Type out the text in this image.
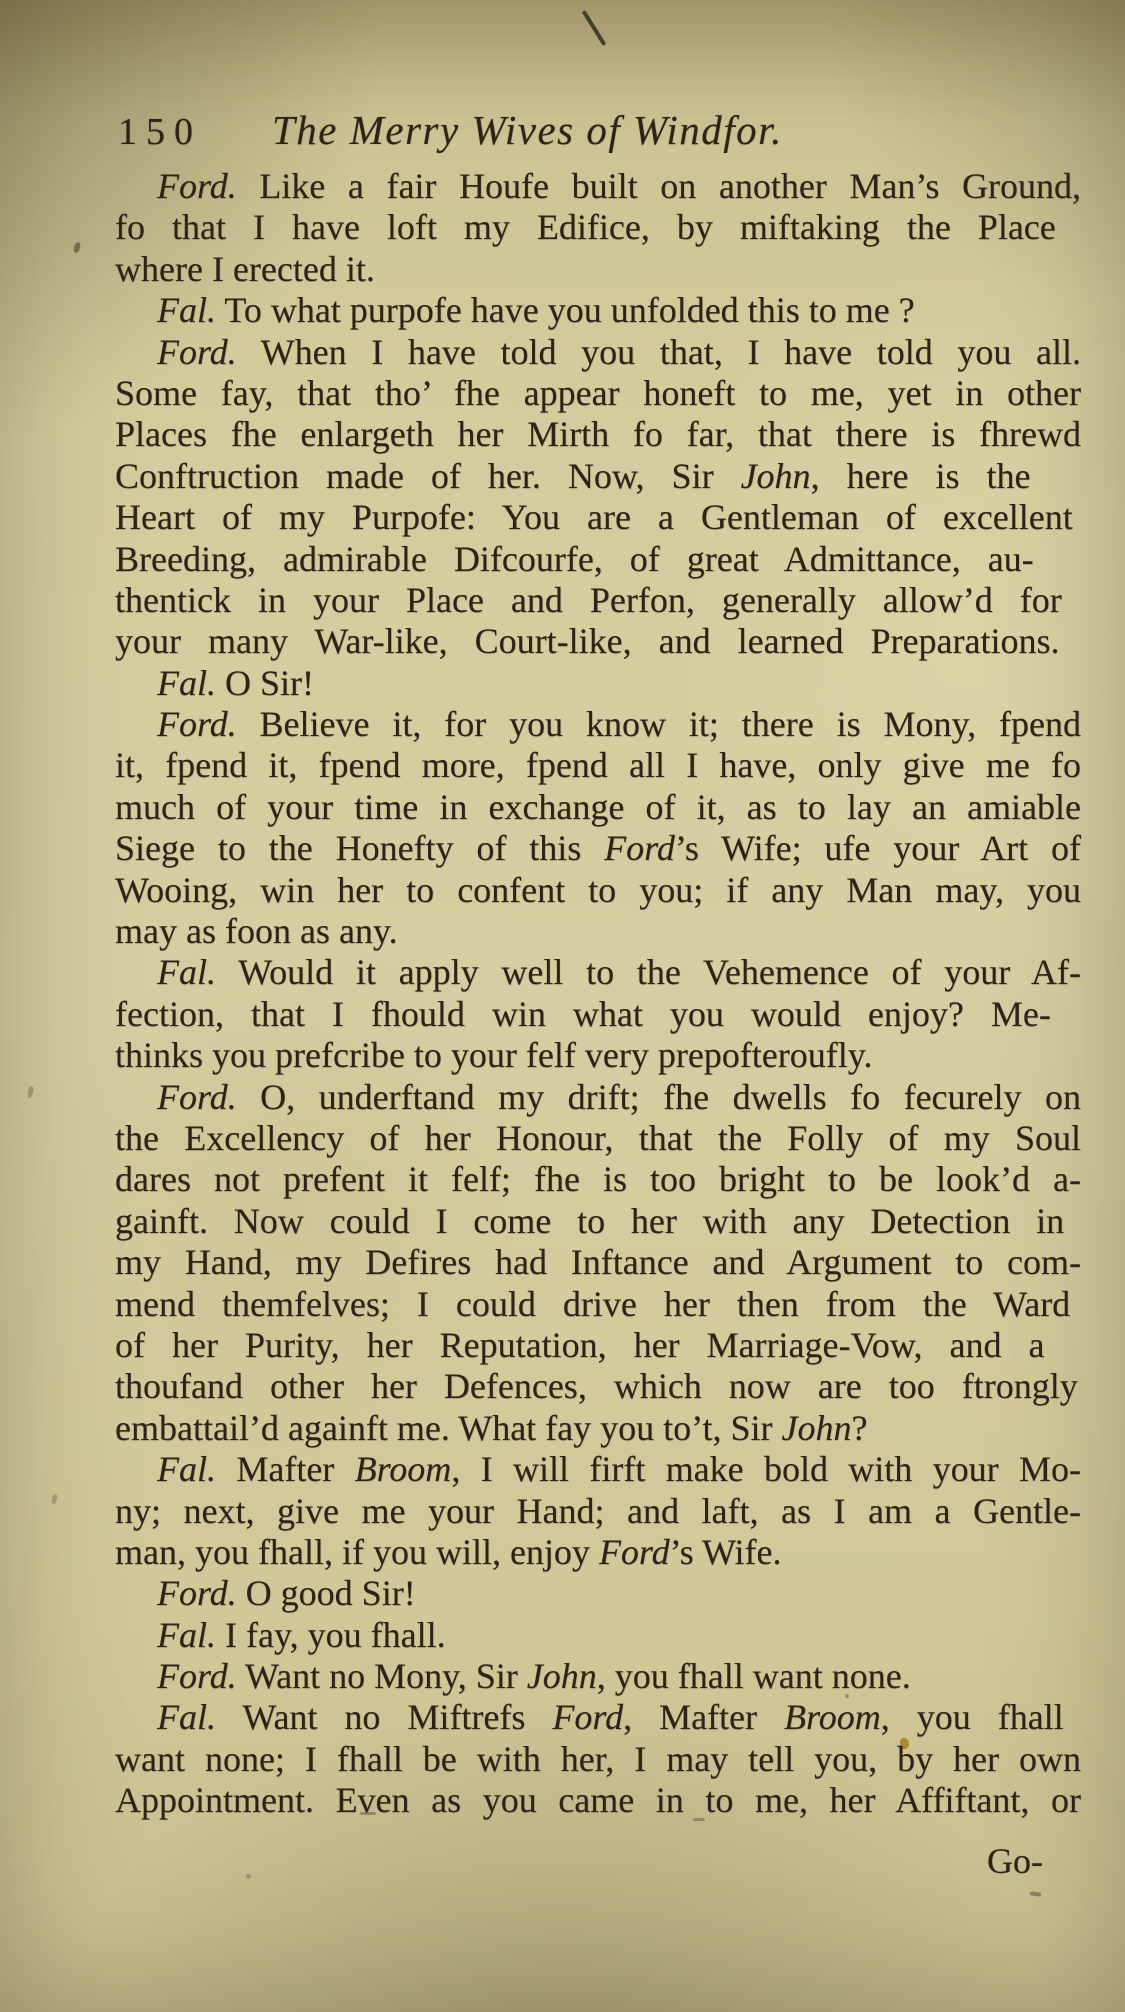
150 The Merry Wives of Windfor.
Ford. Like a fair Houfe built on another Man’s Ground,
fo that I have loft my Edifice, by miftaking the Place
where I erected it.
Fal. To what purpofe have you unfolded this to me ?
Ford. When I have told you that, I have told you all.
Some fay, that tho’ fhe appear honeft to me, yet in other
Places fhe enlargeth her Mirth fo far, that there is fhrewd
Conftruction made of her. Now, Sir John, here is the
Heart of my Purpofe: You are a Gentleman of excellent
Breeding, admirable Difcourfe, of great Admittance, au-
thentick in your Place and Perfon, generally allow’d for
your many War-like, Court-like, and learned Preparations.
Fal. O Sir!
Ford. Believe it, for you know it; there is Mony, fpend
it, fpend it, fpend more, fpend all I have, only give me fo
much of your time in exchange of it, as to lay an amiable
Siege to the Honefty of this Ford’s Wife; ufe your Art of
Wooing, win her to confent to you; if any Man may, you
may as foon as any.
Fal. Would it apply well to the Vehemence of your Af-
fection, that I fhould win what you would enjoy? Me-
thinks you prefcribe to your felf very prepofteroufly.
Ford. O, underftand my drift; fhe dwells fo fecurely on
the Excellency of her Honour, that the Folly of my Soul
dares not prefent it felf; fhe is too bright to be look’d a-
gainft. Now could I come to her with any Detection in
my Hand, my Defires had Inftance and Argument to com-
mend themfelves; I could drive her then from the Ward
of her Purity, her Reputation, her Marriage-Vow, and a
thoufand other her Defences, which now are too ftrongly
embattail’d againft me. What fay you to’t, Sir John?
Fal. Mafter Broom, I will firft make bold with your Mo-
ny; next, give me your Hand; and laft, as I am a Gentle-
man, you fhall, if you will, enjoy Ford’s Wife.
Ford. O good Sir!
Fal. I fay, you fhall.
Ford. Want no Mony, Sir John, you fhall want none.
Fal. Want no Miftrefs Ford, Mafter Broom, you fhall
want none; I fhall be with her, I may tell you, by her own
Appointment. Even as you came in to me, her Affiftant, or
Go-
